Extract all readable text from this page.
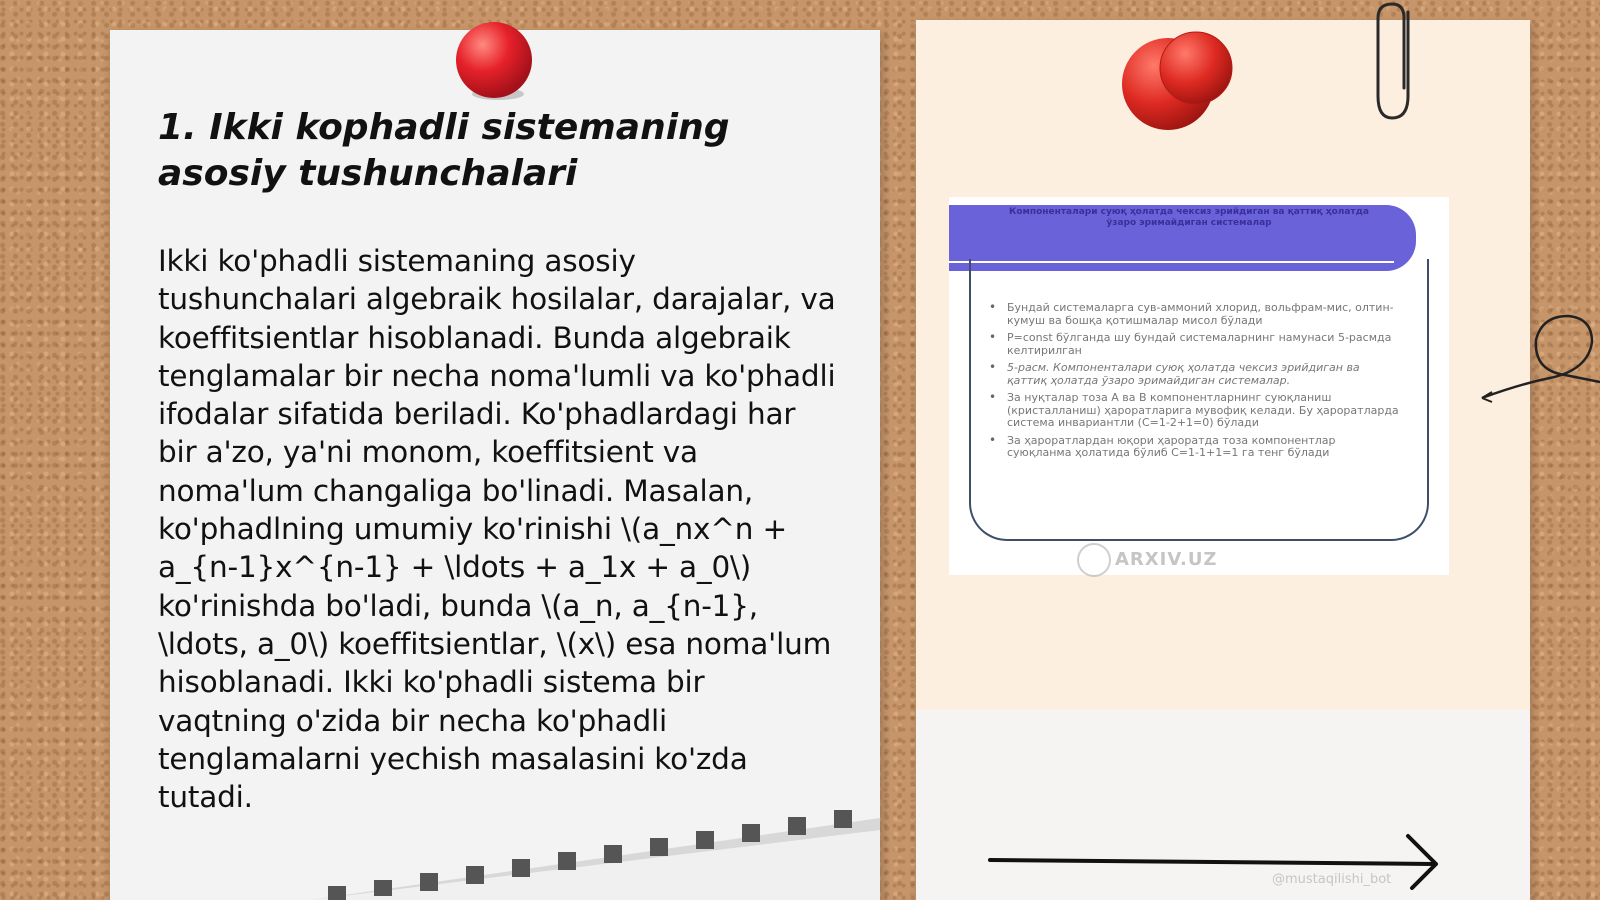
1. Ikki kophadli sistemaning asosiy tushunchalari

Ikki ko'phadli sistemaning asosiy tushunchalari algebraik hosilalar, darajalar, va koeffitsientlar hisoblanadi. Bunda algebraik tenglamalar bir necha noma'lumli va ko'phadli ifodalar sifatida beriladi. Ko'phadlardagi har bir a'zo, ya'ni monom, koeffitsient va noma'lum changaliga bo'linadi. Masalan, ko'phadlning umumiy ko'rinishi \(a_nx^n + a_{n-1}x^{n-1} + \ldots + a_1x + a_0\) ko'rinishda bo'ladi, bunda \(a_n, a_{n-1}, \ldots, a_0\) koeffitsientlar, \(x\) esa noma'lum hisoblanadi. Ikki ko'phadli sistema bir vaqtning o'zida bir necha ko'phadli tenglamalarni yechish masalasini ko'zda tutadi.

Компоненталари суюқ ҳолатда чексиз эрийдиган ва қаттиқ ҳолатда ўзаро эримайдиган системалар
• Бундай системаларга сув-аммоний хлорид, вольфрам-мис, олтин-кумуш ва бошқа қотишмалар мисол бўлади
• Р=const бўлганда шу бундай системаларнинг намунаси 5-расмда келтирилган
• 5-расм. Компоненталари суюқ ҳолатда чексиз эрийдиган ва қаттиқ ҳолатда ўзаро эримайдиган системалар.
• За нуқталар тоза А ва В компонентларнинг суюқланиш (кристалланиш) ҳароратларига мувофиқ келади. Бу ҳароратларда система инвариантли (С=1-2+1=0) бўлади
• За ҳароратлардан юқори ҳароратда тоза компонентлар суюқланма ҳолатида бўлиб С=1-1+1=1 га тенг бўлади
ARXIV.UZ
@mustaqilishi_bot
